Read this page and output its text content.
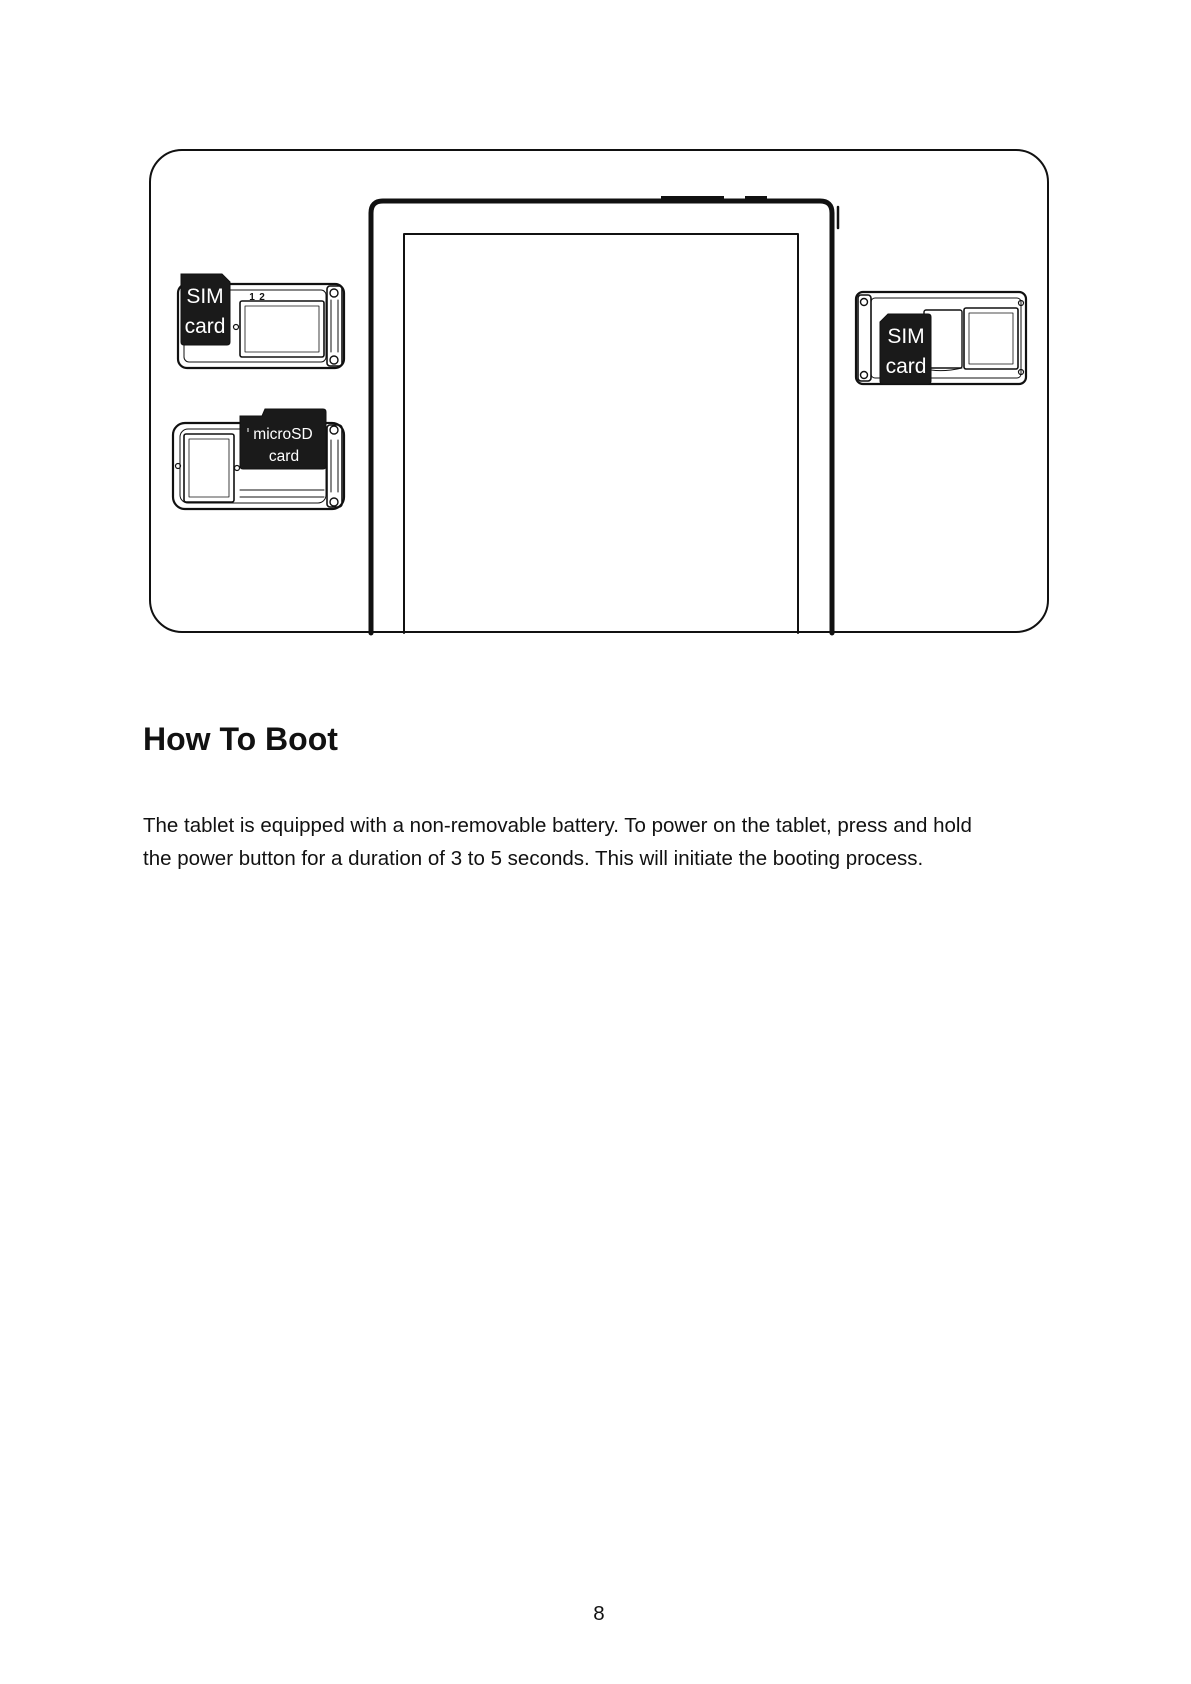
1 2
SIM
card
microSD
card
SIM
card
How To Boot

The tablet is equipped with a non-removable battery. To power on the tablet, press and hold
the power button for a duration of 3 to 5 seconds. This will initiate the booting process.

8
